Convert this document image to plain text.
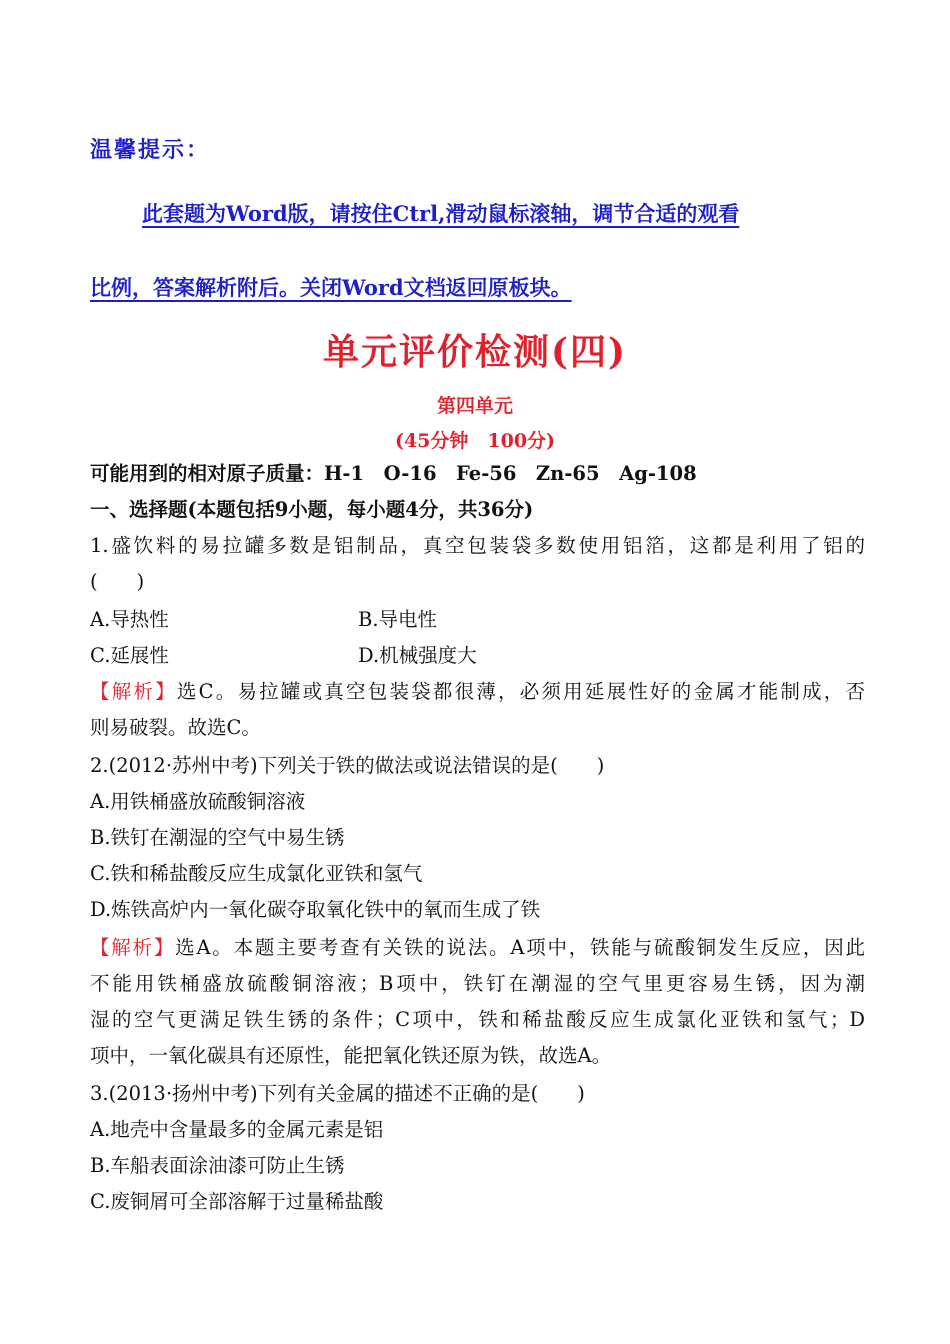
温馨提示：
此套题为Word版，请按住Ctrl,滑动鼠标滚轴，调节合适的观看
比例，答案解析附后。关闭Word文档返回原板块。
单元评价检测(四)
第四单元
(45分钟　100分)
可能用到的相对原子质量：H-1　O-16　Fe-56　Zn-65　Ag-108
一、选择题(本题包括9小题，每小题4分，共36分)
1.盛饮料的易拉罐多数是铝制品，真空包装袋多数使用铝箔，这都是利用了铝的
(　　)
A.导热性	B.导电性
C.延展性	D.机械强度大
【解析】选C。易拉罐或真空包装袋都很薄，必须用延展性好的金属才能制成，否
则易破裂。故选C。
2.(2012·苏州中考)下列关于铁的做法或说法错误的是(　　)
A.用铁桶盛放硫酸铜溶液
B.铁钉在潮湿的空气中易生锈
C.铁和稀盐酸反应生成氯化亚铁和氢气
D.炼铁高炉内一氧化碳夺取氧化铁中的氧而生成了铁
【解析】选A。本题主要考查有关铁的说法。A项中，铁能与硫酸铜发生反应，因此
不能用铁桶盛放硫酸铜溶液；B项中，铁钉在潮湿的空气里更容易生锈，因为潮
湿的空气更满足铁生锈的条件；C项中，铁和稀盐酸反应生成氯化亚铁和氢气；D
项中，一氧化碳具有还原性，能把氧化铁还原为铁，故选A。
3.(2013·扬州中考)下列有关金属的描述不正确的是(　　)
A.地壳中含量最多的金属元素是铝
B.车船表面涂油漆可防止生锈
C.废铜屑可全部溶解于过量稀盐酸
